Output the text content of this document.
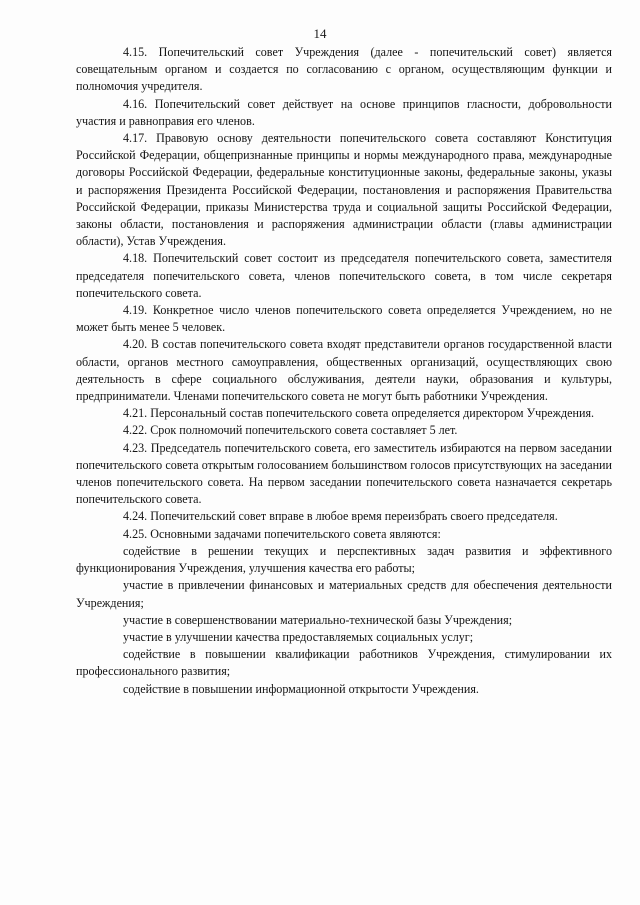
14

4.15. Попечительский совет Учреждения (далее - попечительский совет) является совещательным органом и создается по согласованию с органом, осуществляющим функции и полномочия учредителя.

4.16. Попечительский совет действует на основе принципов гласности, добровольности участия и равноправия его членов.

4.17. Правовую основу деятельности попечительского совета составляют Конституция Российской Федерации, общепризнанные принципы и нормы международного права, международные договоры Российской Федерации, федеральные конституционные законы, федеральные законы, указы и распоряжения Президента Российской Федерации, постановления и распоряжения Правительства Российской Федерации, приказы Министерства труда и социальной защиты Российской Федерации, законы области, постановления и распоряжения администрации области (главы администрации области), Устав Учреждения.

4.18. Попечительский совет состоит из председателя попечительского совета, заместителя председателя попечительского совета, членов попечительского совета, в том числе секретаря попечительского совета.

4.19. Конкретное число членов попечительского совета определяется Учреждением, но не может быть менее 5 человек.

4.20. В состав попечительского совета входят представители органов государственной власти области, органов местного самоуправления, общественных организаций, осуществляющих свою деятельность в сфере социального обслуживания, деятели науки, образования и культуры, предприниматели. Членами попечительского совета не могут быть работники Учреждения.

4.21. Персональный состав попечительского совета определяется директором Учреждения.

4.22. Срок полномочий попечительского совета составляет 5 лет.

4.23. Председатель попечительского совета, его заместитель избираются на первом заседании попечительского совета открытым голосованием большинством голосов присутствующих на заседании членов попечительского совета. На первом заседании попечительского совета назначается секретарь попечительского совета.

4.24. Попечительский совет вправе в любое время переизбрать своего председателя.

4.25. Основными задачами попечительского совета являются:

содействие в решении текущих и перспективных задач развития и эффективного функционирования Учреждения, улучшения качества его работы;

участие в привлечении финансовых и материальных средств для обеспечения деятельности Учреждения;

участие в совершенствовании материально-технической базы Учреждения;

участие в улучшении качества предоставляемых социальных услуг;

содействие в повышении квалификации работников Учреждения, стимулировании их профессионального развития;

содействие в повышении информационной открытости Учреждения.
